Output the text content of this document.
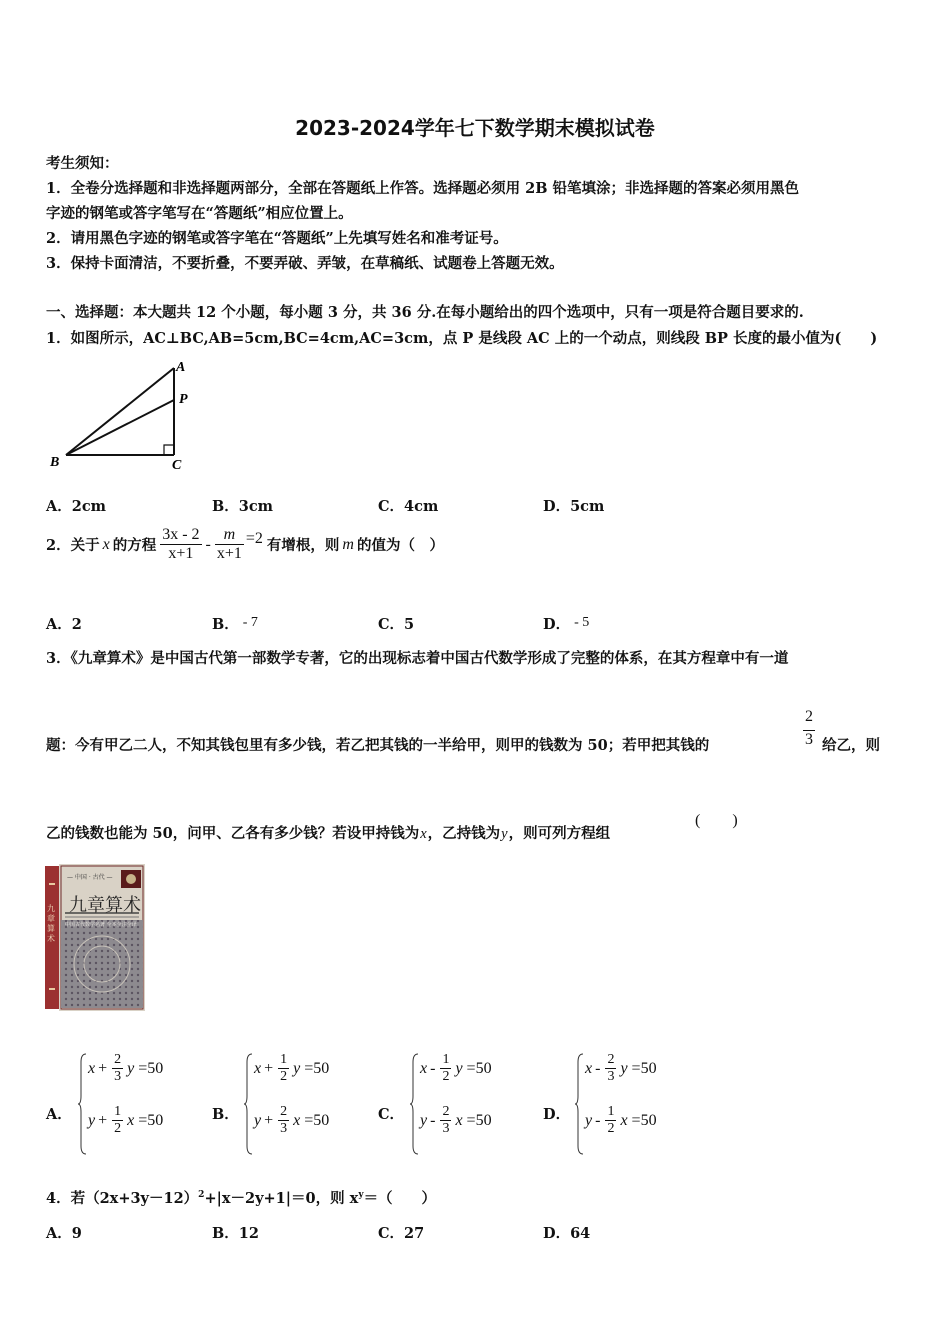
2023-2024学年七下数学期末模拟试卷
考生须知：
1．全卷分选择题和非选择题两部分，全部在答题纸上作答。选择题必须用 2B 铅笔填涂；非选择题的答案必须用黑色
字迹的钢笔或答字笔写在“答题纸”相应位置上。
2．请用黑色字迹的钢笔或答字笔在“答题纸”上先填写姓名和准考证号。
3．保持卡面清洁，不要折叠，不要弄破、弄皱，在草稿纸、试题卷上答题无效。
一、选择题：本大题共 12 个小题，每小题 3 分，共 36 分.在每小题给出的四个选项中，只有一项是符合题目要求的.
1．如图所示，AC⊥BC,AB=5cm,BC=4cm,AC=3cm，点 P 是线段 AC 上的一个动点，则线段 BP 长度的最小值为(　　)
A
P
B	C
A．2cm	B．3cm	C．4cm	D．5cm
2．关于 x 的方程 $\frac{3x - 2}{x+1} - \frac{m}{x+1} =2$ 有增根，则 m 的值为（　）
A．2	B． - 7	C．5	D． - 5
3．《九章算术》是中国古代第一部数学专著，它的出现标志着中国古代数学形成了完整的体系，在其方程章中有一道
题：今有甲乙二人，不知其钱包里有多少钱，若乙把其钱的一半给甲，则甲的钱数为 50；若甲把其钱的	$\frac{2}{3}$ 给乙，则
乙的钱数也能为 50，问甲、乙各有多少钱？若设甲持钱为x，乙持钱为y，则可列方程组
(　　)
— 中国 · 古代 —
九章算术
中国古代数学名著 全本全注全译
九章算术
A．
$x + \frac{2}{3}$ y =50
$y + \frac{1}{2}$ x =50	B．
$x + \frac{1}{2}$ y =50
$y + \frac{2}{3}$ x =50	C．
x - $\frac{1}{2}$ y =50
y - $\frac{2}{3}$ x =50	D．
x - $\frac{2}{3}$ y =50
y - $\frac{1}{2}$ x =50
4．若$(2x+3y-12)^2+|x-2y+1|=0$，则 $x^y=$（　　）
A．9	B．12	C．27	D．64
